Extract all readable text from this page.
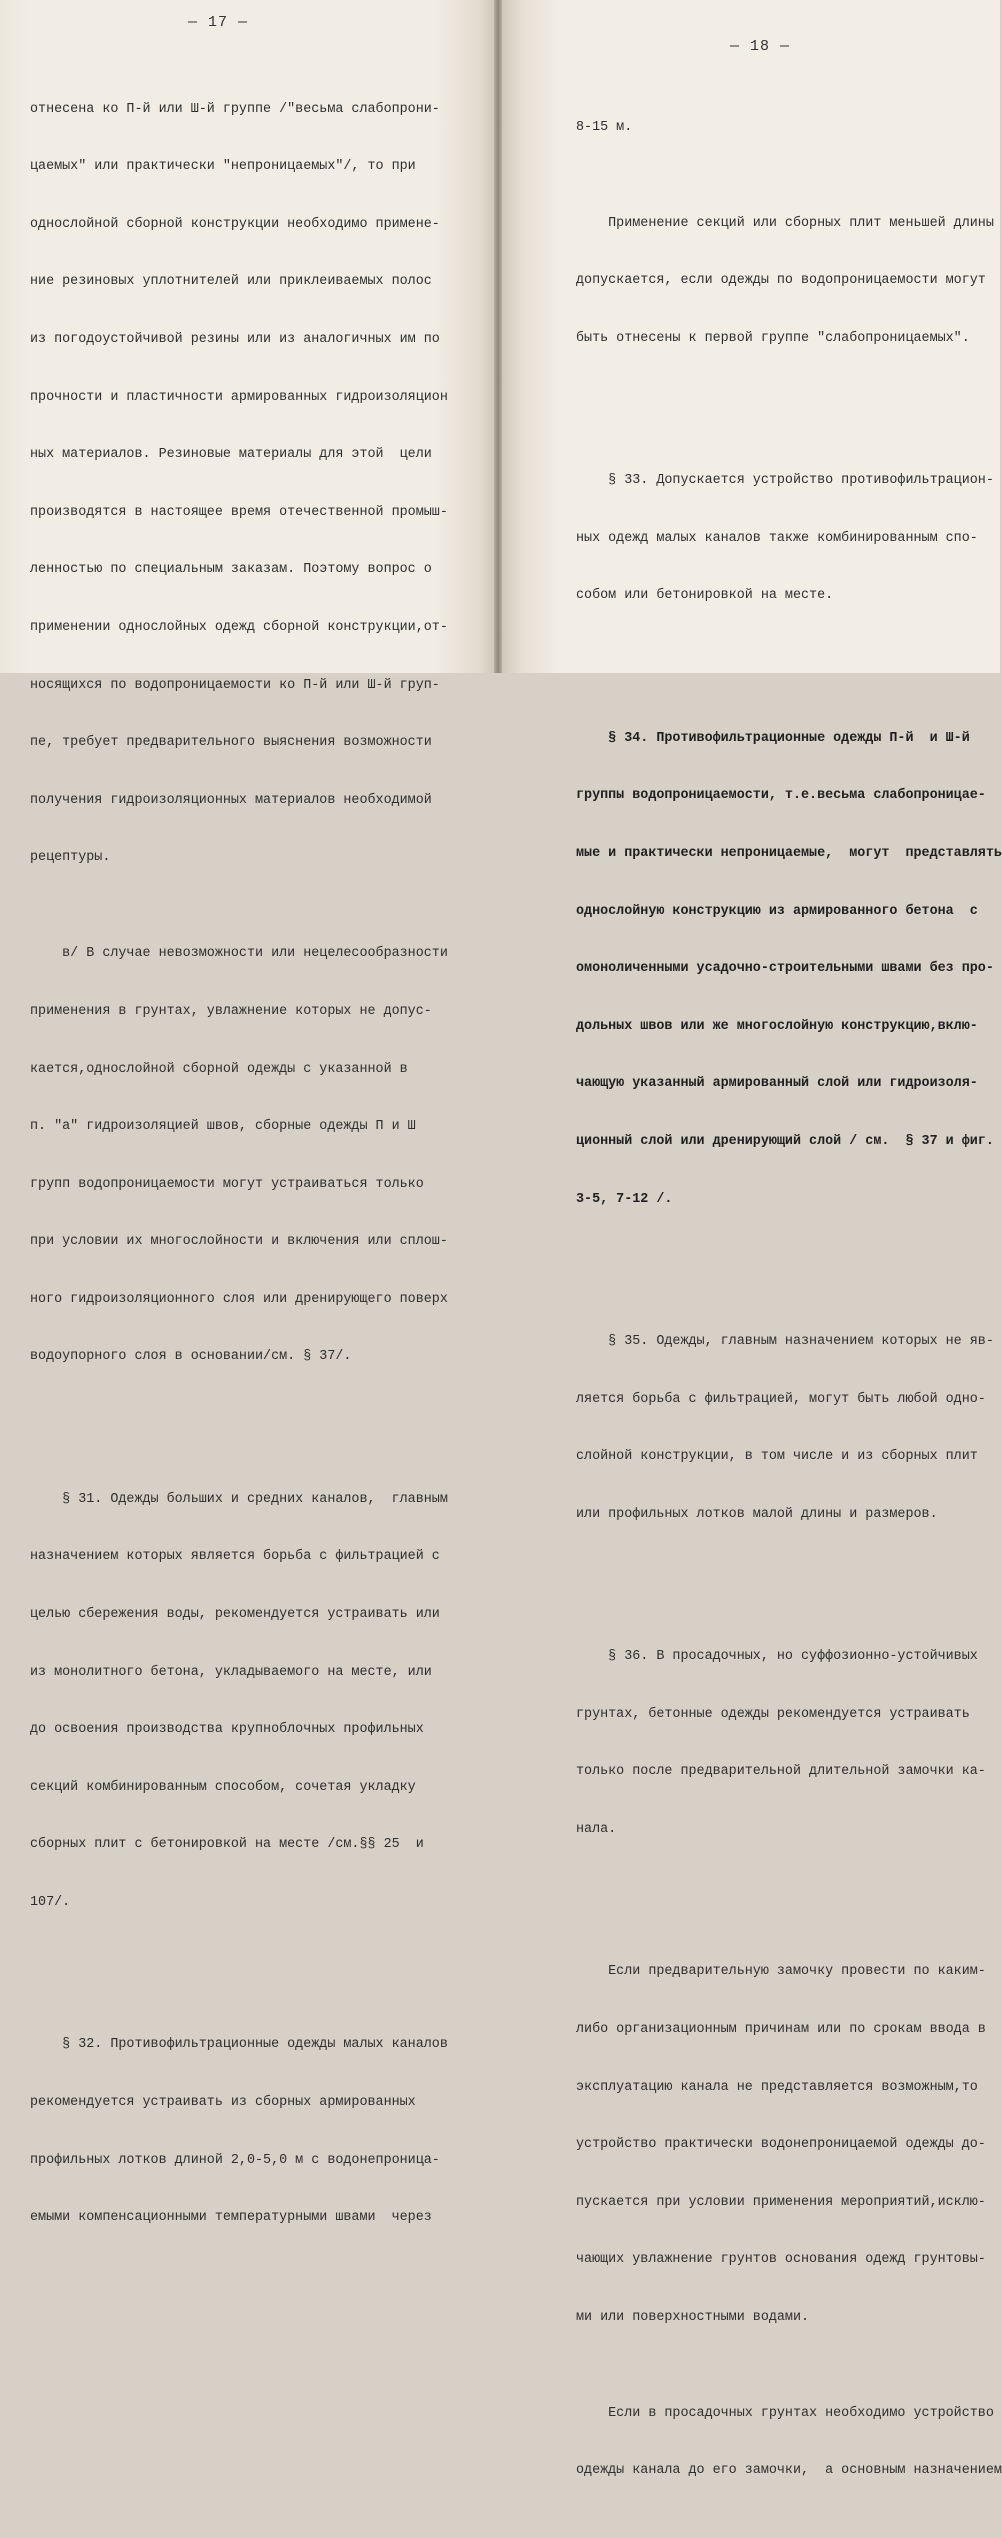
— 17 —

отнесена ко П-й или Ш-й группе /"весьма слабопрони-

цаемых" или практически "непроницаемых"/, то при

однослойной сборной конструкции необходимо примене-

ние резиновых уплотнителей или приклеиваемых полос

из погодоустойчивой резины или из аналогичных им по

прочности и пластичности армированных гидроизоляцион

ных материалов. Резиновые материалы для этой  цели

производятся в настоящее время отечественной промыш-

ленностью по специальным заказам. Поэтому вопрос о

применении однослойных одежд сборной конструкции,от-

носящихся по водопроницаемости ко П-й или Ш-й груп-

пе, требует предварительного выяснения возможности

получения гидроизоляционных материалов необходимой

рецептуры.

в/ В случае невозможности или нецелесообразности

применения в грунтах, увлажнение которых не допус-

кается,однослойной сборной одежды с указанной в

п. "а" гидроизоляцией швов, сборные одежды П и Ш

групп водопроницаемости могут устраиваться только

при условии их многослойности и включения или сплош-

ного гидроизоляционного слоя или дренирующего поверх

водоупорного слоя в основании/см. § 37/.

§ 31. Одежды больших и средних каналов,  главным

назначением которых является борьба с фильтрацией с

целью сбережения воды, рекомендуется устраивать или

из монолитного бетона, укладываемого на месте, или

до освоения производства крупноблочных профильных

секций комбинированным способом, сочетая укладку

сборных плит с бетонировкой на месте /см.§§ 25  и

107/.

§ 32. Противофильтрационные одежды малых каналов

рекомендуется устраивать из сборных армированных

профильных лотков длиной 2,0-5,0 м с водонепроница-

емыми компенсационными температурными швами  через

— 18 —

8-15 м.

Применение секций или сборных плит меньшей длины

допускается, если одежды по водопроницаемости могут

быть отнесены к первой группе "слабопроницаемых".

§ 33. Допускается устройство противофильтрацион-

ных одежд малых каналов также комбинированным спо-

собом или бетонировкой на месте.

§ 34. Противофильтрационные одежды П-й  и Ш-й

группы водопроницаемости, т.е.весьма слабопроницае-

мые и практически непроницаемые,  могут  представлять

однослойную конструкцию из армированного бетона  с

омоноличенными усадочно-строительными швами без про-

дольных швов или же многослойную конструкцию,вклю-

чающую указанный армированный слой или гидроизоля-

ционный слой или дренирующий слой / см.  § 37 и фиг.

3-5, 7-12 /.

§ 35. Одежды, главным назначением которых не яв-

ляется борьба с фильтрацией, могут быть любой одно-

слойной конструкции, в том числе и из сборных плит

или профильных лотков малой длины и размеров.

§ 36. В просадочных, но суффозионно-устойчивых

грунтах, бетонные одежды рекомендуется устраивать

только после предварительной длительной замочки ка-

нала.

Если предварительную замочку провести по каким-

либо организационным причинам или по срокам ввода в

эксплуатацию канала не представляется возможным,то

устройство практически водонепроницаемой одежды до-

пускается при условии применения мероприятий,исклю-

чающих увлажнение грунтов основания одежд грунтовы-

ми или поверхностными водами.

Если в просадочных грунтах необходимо устройство

одежды канала до его замочки,  а основным назначением
